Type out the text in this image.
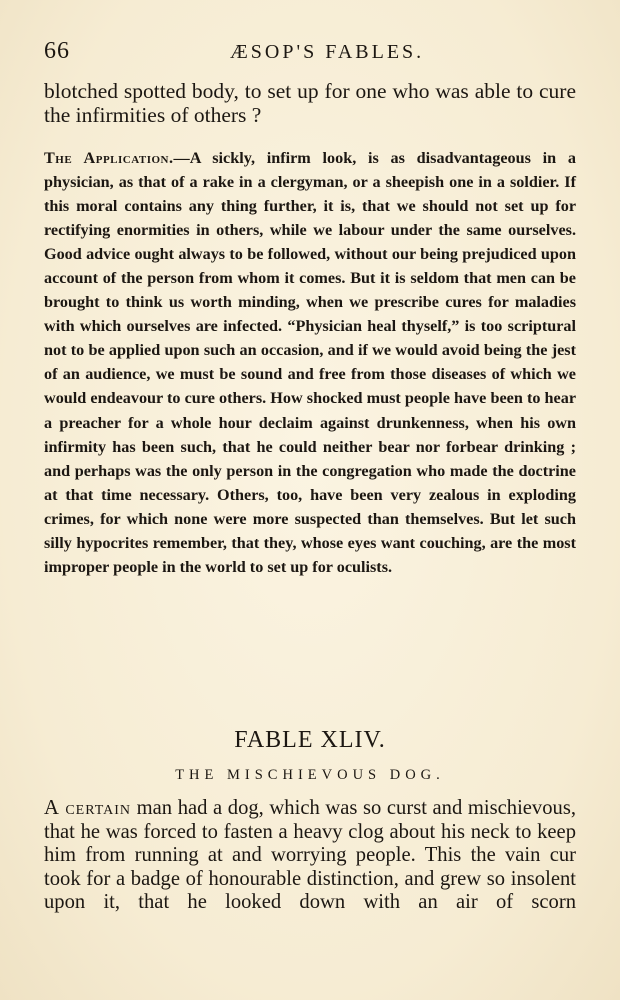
66	ÆSOP'S FABLES.

blotched spotted body, to set up for one who was able to cure the infirmities of others ?

The Application.—A sickly, infirm look, is as disadvantageous in a physician, as that of a rake in a clergyman, or a sheepish one in a soldier. If this moral contains any thing further, it is, that we should not set up for rectifying enormities in others, while we labour under the same ourselves. Good advice ought always to be followed, without our being prejudiced upon account of the person from whom it comes. But it is seldom that men can be brought to think us worth minding, when we prescribe cures for maladies with which ourselves are infected. “Physician heal thyself,” is too scriptural not to be applied upon such an occasion, and if we would avoid being the jest of an audience, we must be sound and free from those diseases of which we would endeavour to cure others. How shocked must people have been to hear a preacher for a whole hour declaim against drunkenness, when his own infirmity has been such, that he could neither bear nor forbear drinking ; and perhaps was the only person in the congregation who made the doctrine at that time necessary. Others, too, have been very zealous in exploding crimes, for which none were more suspected than themselves. But let such silly hypocrites remember, that they, whose eyes want couching, are the most improper people in the world to set up for oculists.

FABLE XLIV.
THE MISCHIEVOUS DOG.

A certain man had a dog, which was so curst and mischievous, that he was forced to fasten a heavy clog about his neck to keep him from running at and worrying people. This the vain cur took for a badge of honourable distinction, and grew so insolent upon it, that he looked down with an air of scorn
